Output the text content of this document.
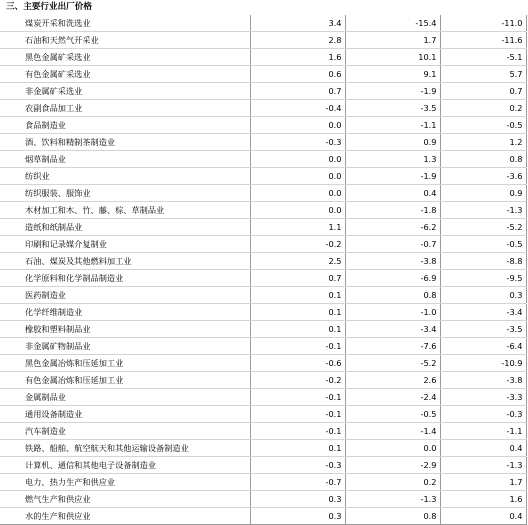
三、主要行业出厂价格
煤炭开采和洗选业	3.4	-15.4	-11.0
石油和天然气开采业	2.8	1.7	-11.6
黑色金属矿采选业	1.6	10.1	-5.1
有色金属矿采选业	0.6	9.1	5.7
非金属矿采选业	0.7	-1.9	0.7
农副食品加工业	-0.4	-3.5	0.2
食品制造业	0.0	-1.1	-0.5
酒、饮料和精制茶制造业	-0.3	0.9	1.2
烟草制品业	0.0	1.3	0.8
纺织业	0.0	-1.9	-3.6
纺织服装、服饰业	0.0	0.4	0.9
木材加工和木、竹、藤、棕、草制品业	0.0	-1.8	-1.3
造纸和纸制品业	1.1	-6.2	-5.2
印刷和记录媒介复制业	-0.2	-0.7	-0.5
石油、煤炭及其他燃料加工业	2.5	-3.8	-8.8
化学原料和化学制品制造业	0.7	-6.9	-9.5
医药制造业	0.1	0.8	0.3
化学纤维制造业	0.1	-1.0	-3.4
橡胶和塑料制品业	0.1	-3.4	-3.5
非金属矿物制品业	-0.1	-7.6	-6.4
黑色金属冶炼和压延加工业	-0.6	-5.2	-10.9
有色金属冶炼和压延加工业	-0.2	2.6	-3.8
金属制品业	-0.1	-2.4	-3.3
通用设备制造业	-0.1	-0.5	-0.3
汽车制造业	-0.1	-1.4	-1.1
铁路、船舶、航空航天和其他运输设备制造业	0.1	0.0	0.4
计算机、通信和其他电子设备制造业	-0.3	-2.9	-1.3
电力、热力生产和供应业	-0.7	0.2	1.7
燃气生产和供应业	0.3	-1.3	1.6
水的生产和供应业	0.3	0.8	0.4
